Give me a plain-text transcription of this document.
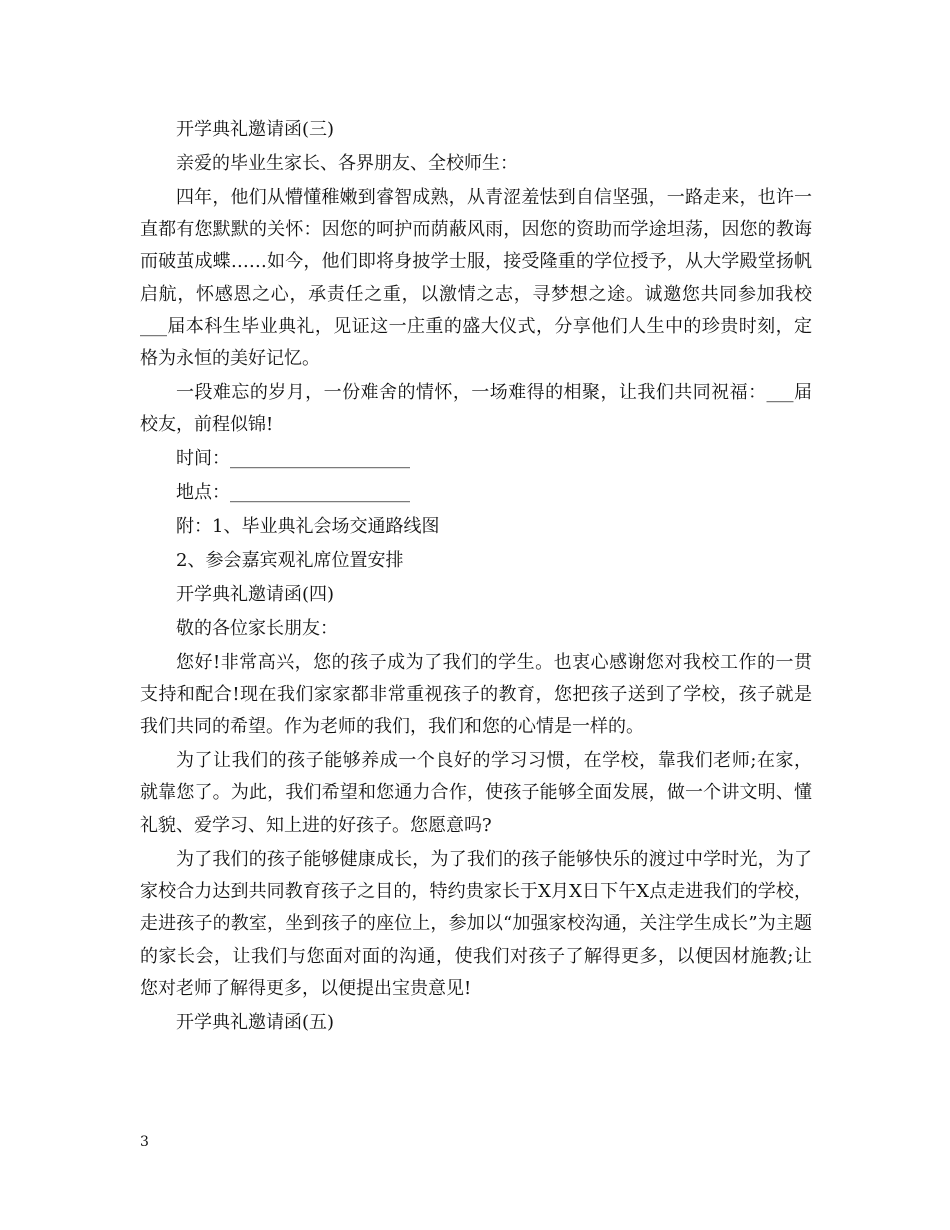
开学典礼邀请函(三)

亲爱的毕业生家长、各界朋友、全校师生：

四年，他们从懵懂稚嫩到睿智成熟，从青涩羞怯到自信坚强，一路走来，也许一直都有您默默的关怀：因您的呵护而荫蔽风雨，因您的资助而学途坦荡，因您的教诲而破茧成蝶……如今，他们即将身披学士服，接受隆重的学位授予，从大学殿堂扬帆启航，怀感恩之心，承责任之重，以激情之志，寻梦想之途。诚邀您共同参加我校___届本科生毕业典礼，见证这一庄重的盛大仪式，分享他们人生中的珍贵时刻，定格为永恒的美好记忆。

一段难忘的岁月，一份难舍的情怀，一场难得的相聚，让我们共同祝福：___届校友，前程似锦!

时间：____________________

地点：____________________

附：1、毕业典礼会场交通路线图

2、参会嘉宾观礼席位置安排

开学典礼邀请函(四)

敬的各位家长朋友：

您好!非常高兴，您的孩子成为了我们的学生。也衷心感谢您对我校工作的一贯支持和配合!现在我们家家都非常重视孩子的教育，您把孩子送到了学校，孩子就是我们共同的希望。作为老师的我们，我们和您的心情是一样的。

为了让我们的孩子能够养成一个良好的学习习惯，在学校，靠我们老师;在家，就靠您了。为此，我们希望和您通力合作，使孩子能够全面发展，做一个讲文明、懂礼貌、爱学习、知上进的好孩子。您愿意吗?

为了我们的孩子能够健康成长，为了我们的孩子能够快乐的渡过中学时光，为了家校合力达到共同教育孩子之目的，特约贵家长于X月X日下午X点走进我们的学校，走进孩子的教室，坐到孩子的座位上，参加以“加强家校沟通，关注学生成长”为主题的家长会，让我们与您面对面的沟通，使我们对孩子了解得更多，以便因材施教;让您对老师了解得更多，以便提出宝贵意见!

开学典礼邀请函(五)

3
